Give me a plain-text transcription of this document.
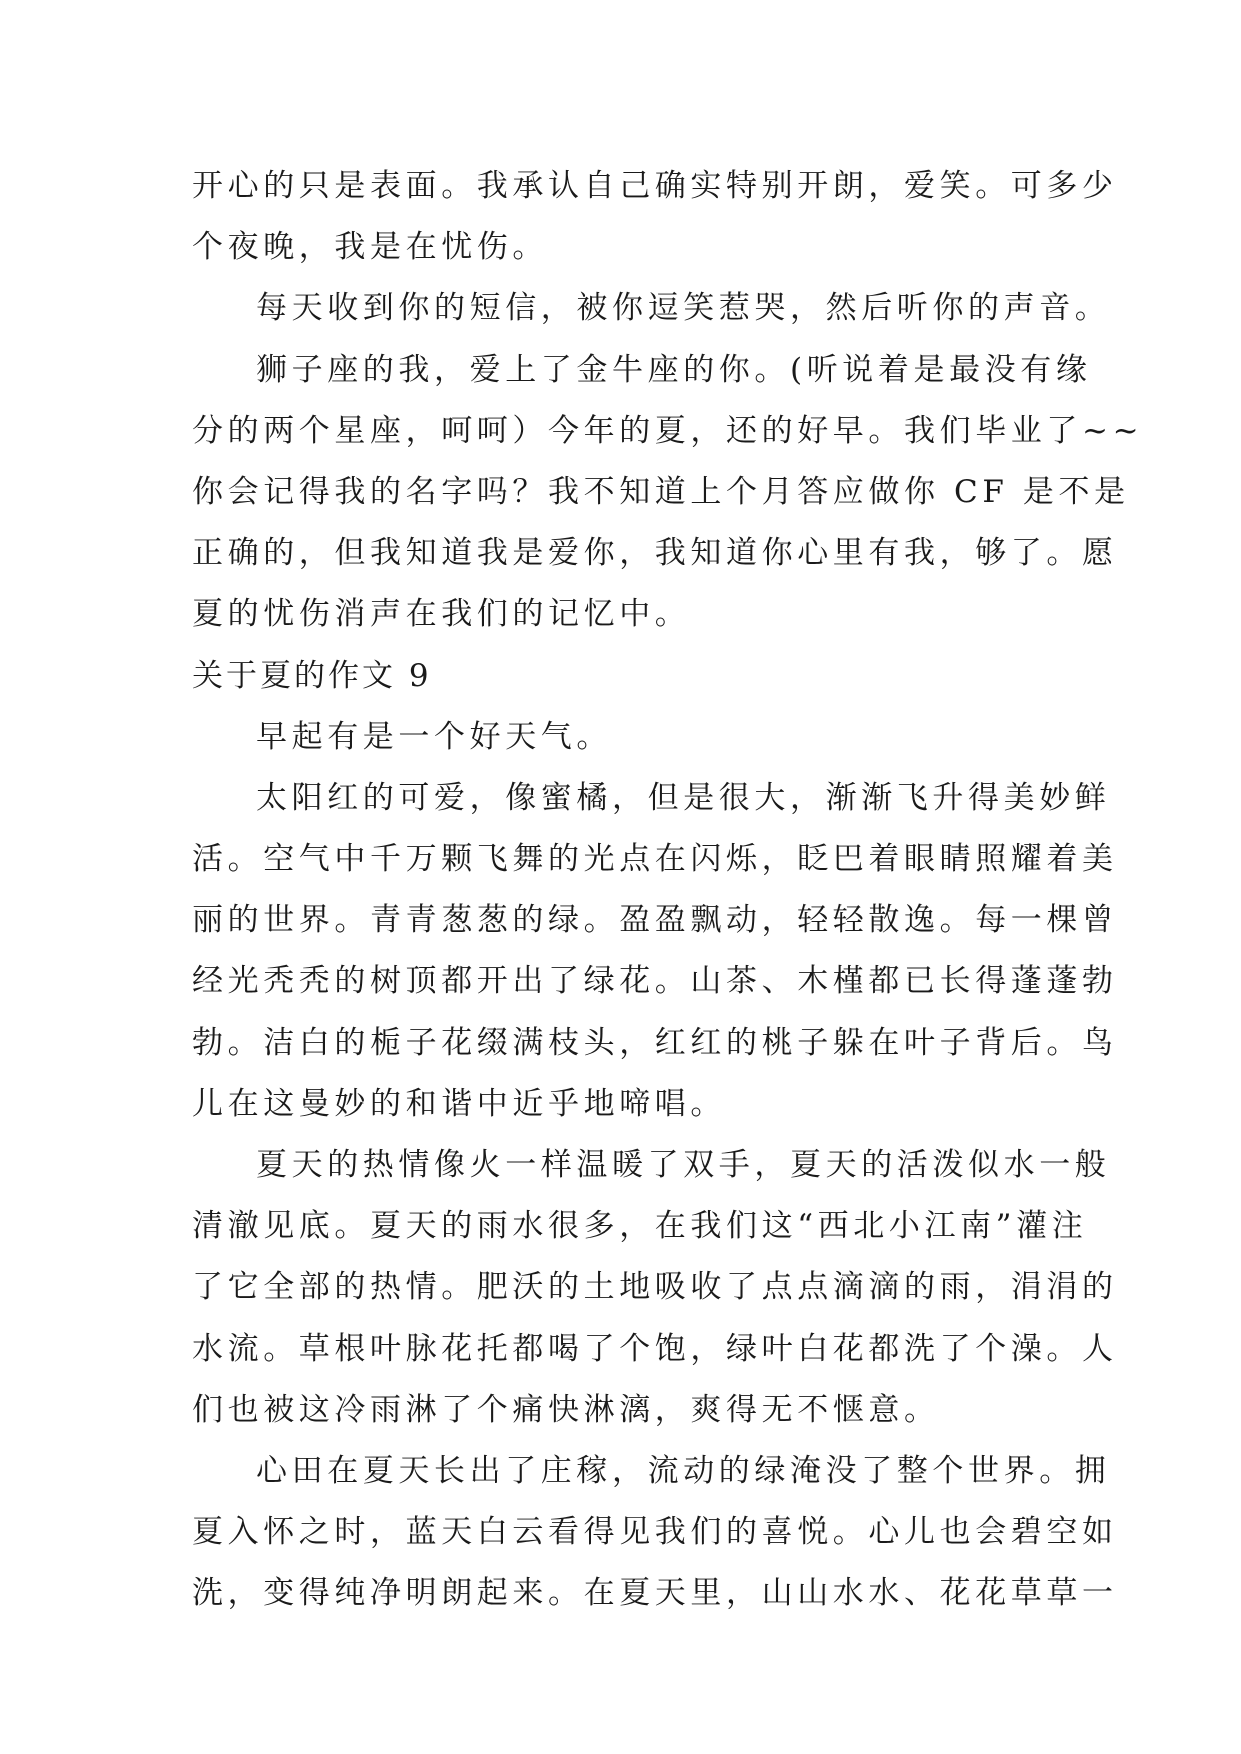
开心的只是表面。我承认自己确实特别开朗，爱笑。可多少
个夜晚，我是在忧伤。
每天收到你的短信，被你逗笑惹哭，然后听你的声音。
狮子座的我，爱上了金牛座的你。(听说着是最没有缘
分的两个星座，呵呵）今年的夏，还的好早。我们毕业了~~
你会记得我的名字吗？我不知道上个月答应做你 CF 是不是
正确的，但我知道我是爱你，我知道你心里有我，够了。愿
夏的忧伤消声在我们的记忆中。
关于夏的作文 9
早起有是一个好天气。
太阳红的可爱，像蜜橘，但是很大，渐渐飞升得美妙鲜
活。空气中千万颗飞舞的光点在闪烁，眨巴着眼睛照耀着美
丽的世界。青青葱葱的绿。盈盈飘动，轻轻散逸。每一棵曾
经光秃秃的树顶都开出了绿花。山茶、木槿都已长得蓬蓬勃
勃。洁白的栀子花缀满枝头，红红的桃子躲在叶子背后。鸟
儿在这曼妙的和谐中近乎地啼唱。
夏天的热情像火一样温暖了双手，夏天的活泼似水一般
清澈见底。夏天的雨水很多，在我们这“西北小江南”灌注
了它全部的热情。肥沃的土地吸收了点点滴滴的雨，涓涓的
水流。草根叶脉花托都喝了个饱，绿叶白花都洗了个澡。人
们也被这冷雨淋了个痛快淋漓，爽得无不惬意。
心田在夏天长出了庄稼，流动的绿淹没了整个世界。拥
夏入怀之时，蓝天白云看得见我们的喜悦。心儿也会碧空如
洗，变得纯净明朗起来。在夏天里，山山水水、花花草草一
